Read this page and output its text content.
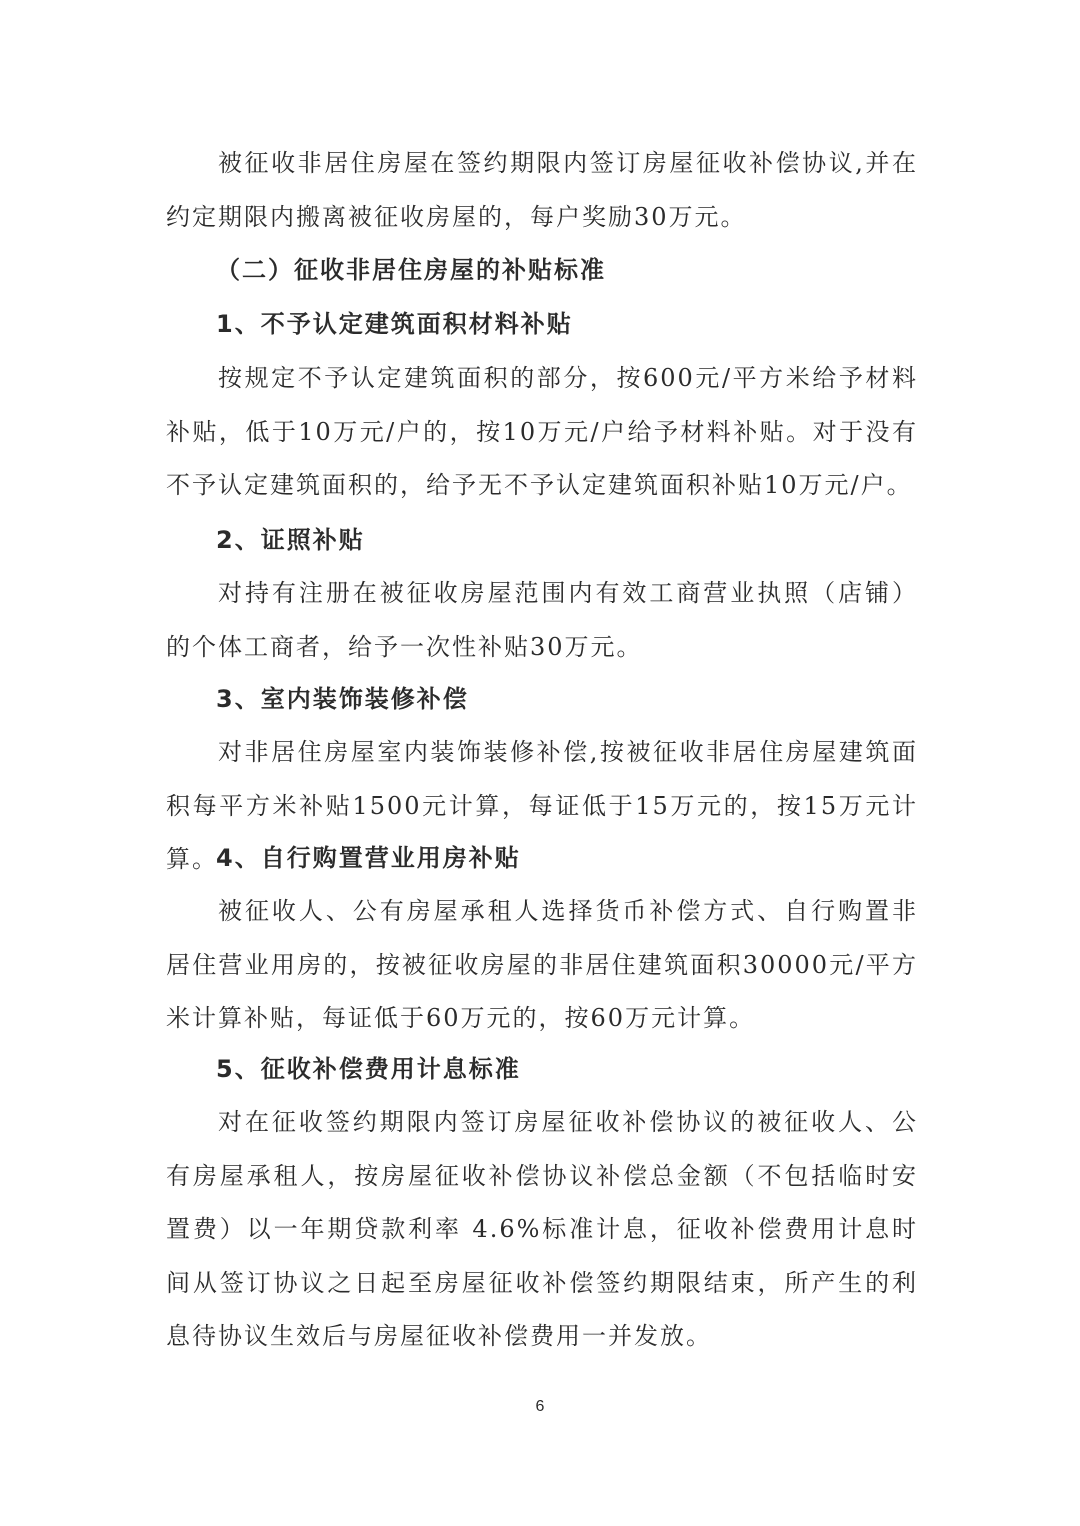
被征收非居住房屋在签约期限内签订房屋征收补偿协议,并在约定期限内搬离被征收房屋的，每户奖励30万元。

（二）征收非居住房屋的补贴标准

1、不予认定建筑面积材料补贴

按规定不予认定建筑面积的部分，按600元/平方米给予材料补贴，低于10万元/户的，按10万元/户给予材料补贴。对于没有不予认定建筑面积的，给予无不予认定建筑面积补贴10万元/户。

2、证照补贴

对持有注册在被征收房屋范围内有效工商营业执照（店铺）的个体工商者，给予一次性补贴30万元。

3、室内装饰装修补偿

对非居住房屋室内装饰装修补偿,按被征收非居住房屋建筑面积每平方米补贴1500元计算，每证低于15万元的，按15万元计算。

4、自行购置营业用房补贴

被征收人、公有房屋承租人选择货币补偿方式、自行购置非居住营业用房的，按被征收房屋的非居住建筑面积30000元/平方米计算补贴，每证低于60万元的，按60万元计算。

5、征收补偿费用计息标准

对在征收签约期限内签订房屋征收补偿协议的被征收人、公有房屋承租人，按房屋征收补偿协议补偿总金额（不包括临时安置费）以一年期贷款利率 4.6%标准计息，征收补偿费用计息时间从签订协议之日起至房屋征收补偿签约期限结束，所产生的利息待协议生效后与房屋征收补偿费用一并发放。

6
